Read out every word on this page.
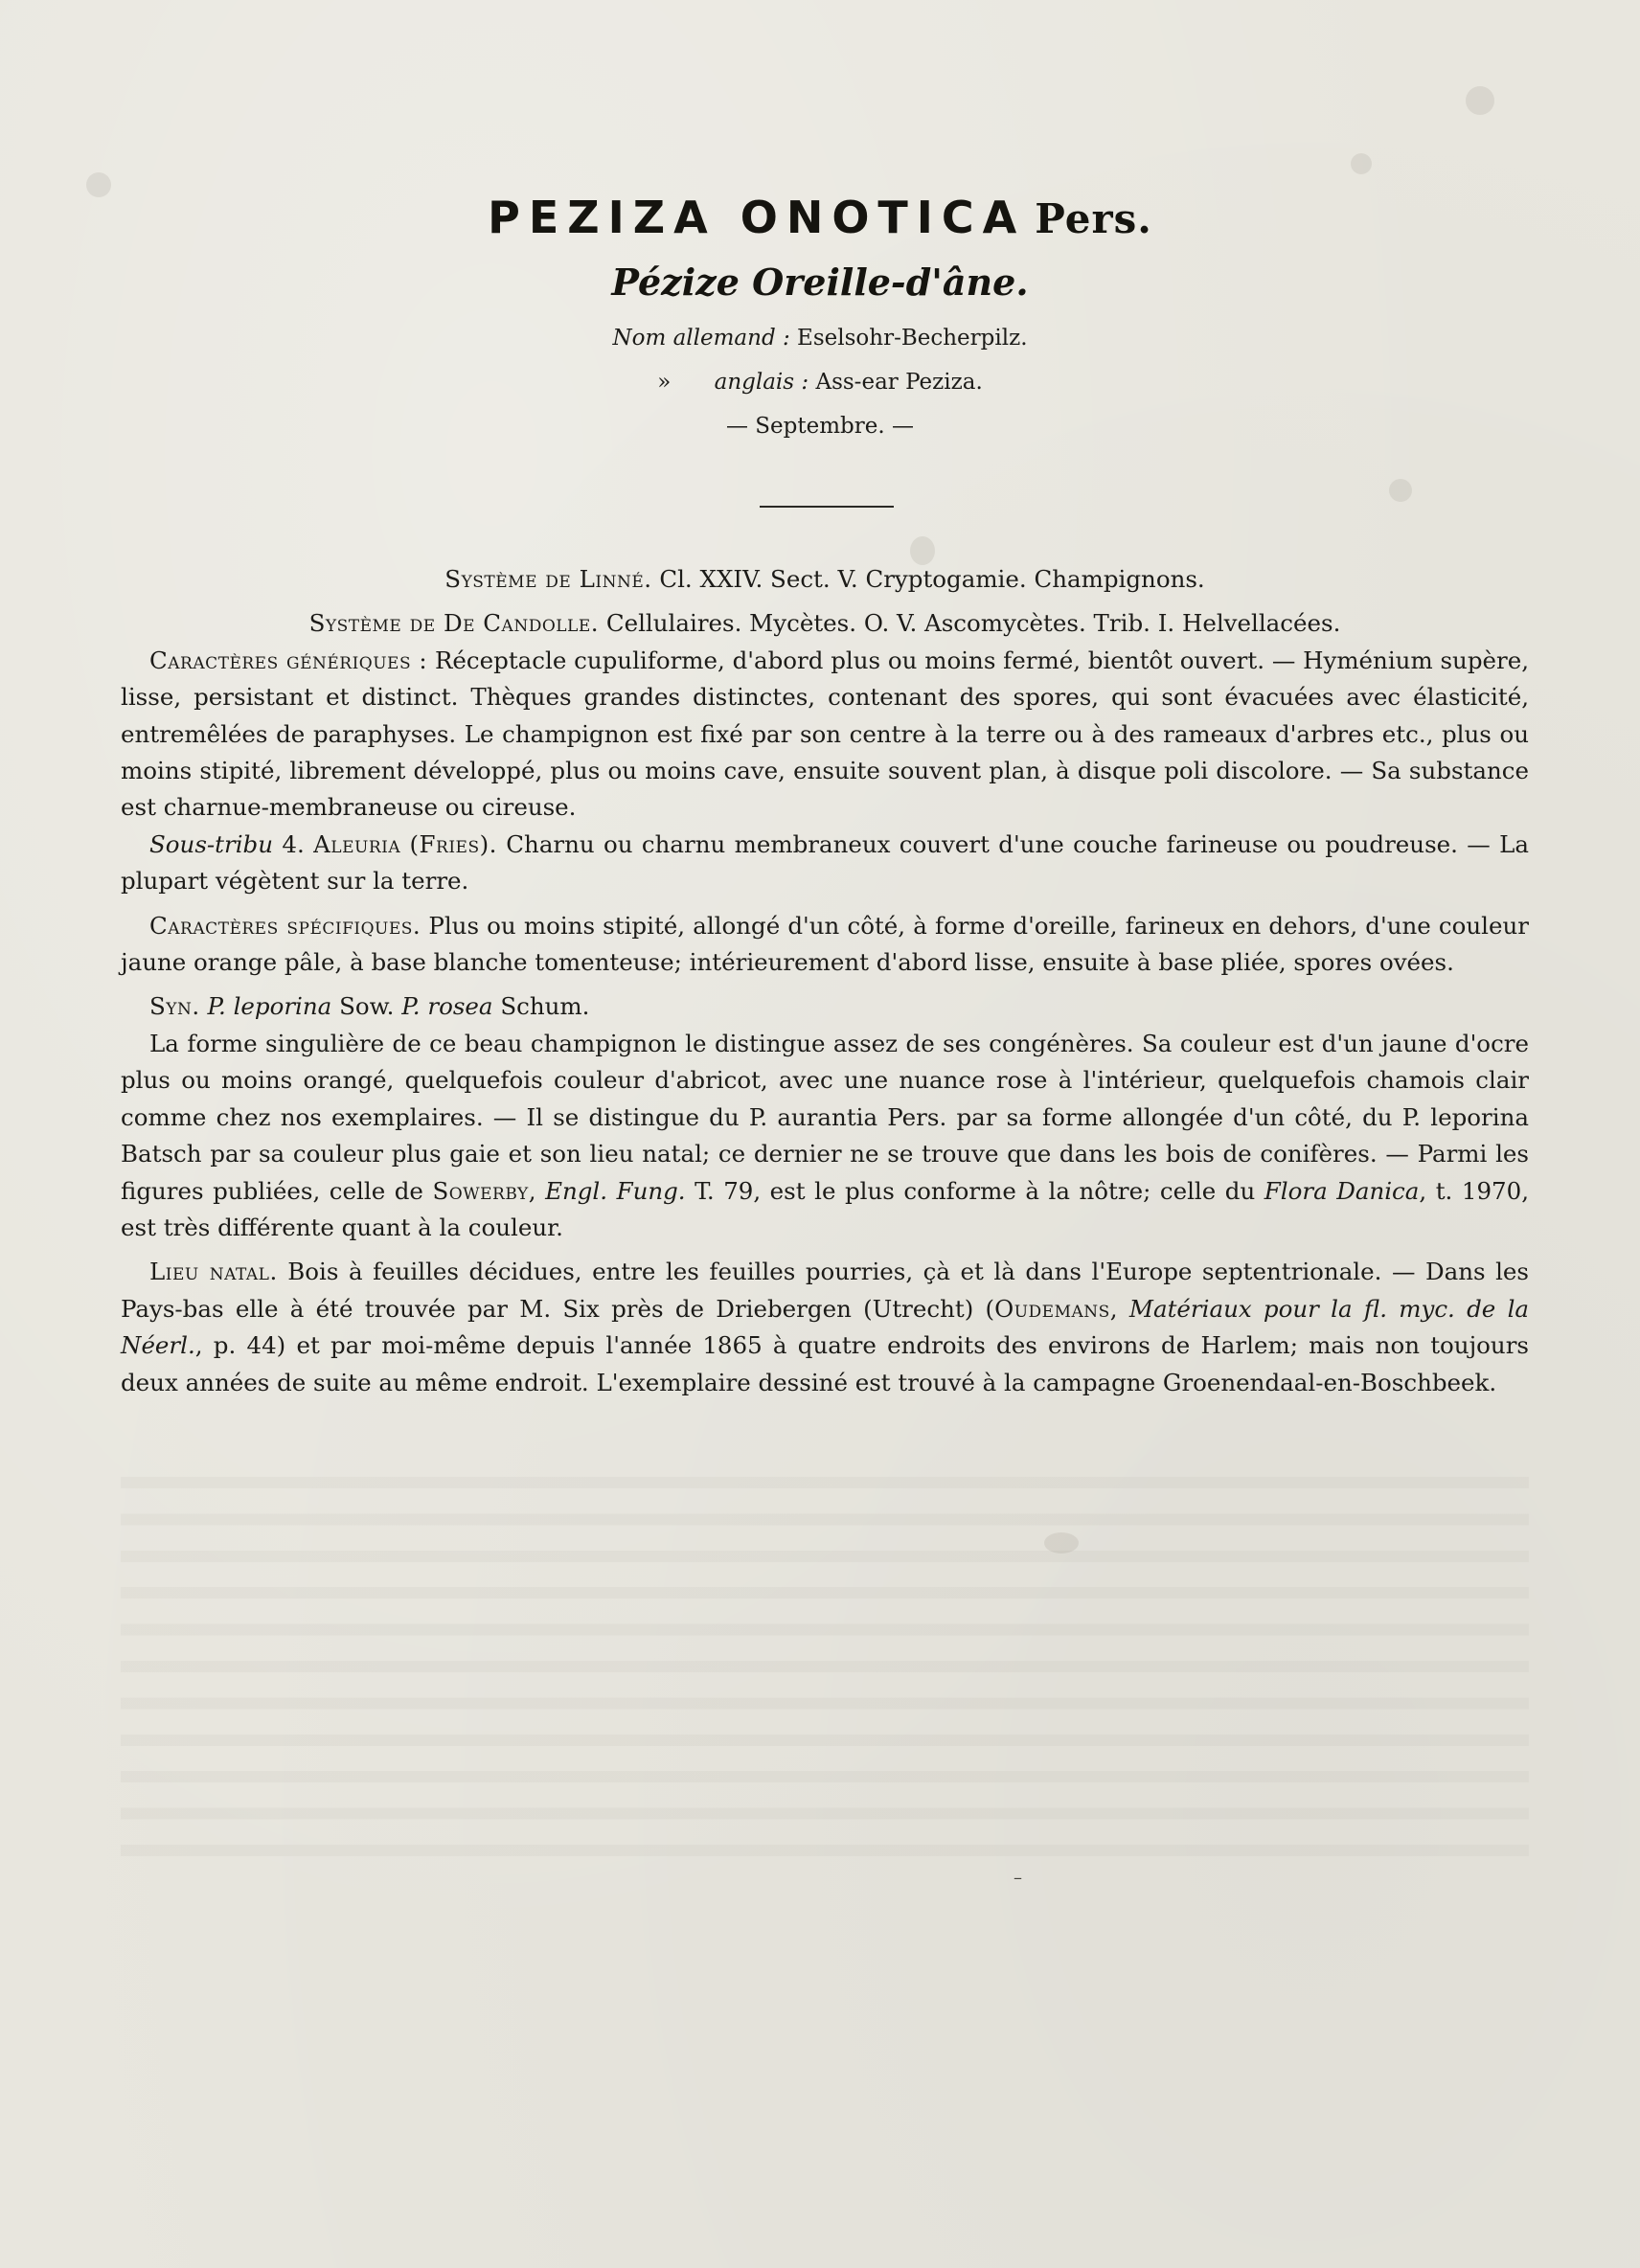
PEZIZA ONOTICA Pers.
Pézize Oreille-d'âne.
Nom allemand : Eselsohr-Becherpilz.
» anglais : Ass-ear Peziza.
— Septembre. —

Système de Linné. Cl. XXIV. Sect. V. Cryptogamie. Champignons.

Système de De Candolle. Cellulaires. Mycètes. O. V. Ascomycètes. Trib. I. Helvellacées.

Caractères génériques : Réceptacle cupuliforme, d'abord plus ou moins fermé, bientôt ouvert. — Hyménium supère, lisse, persistant et distinct. Thèques grandes distinctes, contenant des spores, qui sont évacuées avec élasticité, entremêlées de paraphyses. Le champignon est fixé par son centre à la terre ou à des rameaux d'arbres etc., plus ou moins stipité, librement développé, plus ou moins cave, ensuite souvent plan, à disque poli discolore. — Sa substance est charnue-membraneuse ou cireuse.

Sous-tribu 4. Aleuria (Fries). Charnu ou charnu membraneux couvert d'une couche farineuse ou poudreuse. — La plupart végètent sur la terre.

Caractères spécifiques. Plus ou moins stipité, allongé d'un côté, à forme d'oreille, farineux en dehors, d'une couleur jaune orange pâle, à base blanche tomenteuse; intérieurement d'abord lisse, ensuite à base pliée, spores ovées.

Syn. P. leporina Sow. P. rosea Schum.

La forme singulière de ce beau champignon le distingue assez de ses congénères. Sa couleur est d'un jaune d'ocre plus ou moins orangé, quelquefois couleur d'abricot, avec une nuance rose à l'intérieur, quelquefois chamois clair comme chez nos exemplaires. — Il se distingue du P. aurantia Pers. par sa forme allongée d'un côté, du P. leporina Batsch par sa couleur plus gaie et son lieu natal; ce dernier ne se trouve que dans les bois de conifères. — Parmi les figures publiées, celle de Sowerby, Engl. Fung. T. 79, est le plus conforme à la nôtre; celle du Flora Danica, t. 1970, est très différente quant à la couleur.

Lieu natal. Bois à feuilles décidues, entre les feuilles pourries, çà et là dans l'Europe septentrionale. — Dans les Pays-bas elle à été trouvée par M. Six près de Driebergen (Utrecht) (Oudemans, Matériaux pour la fl. myc. de la Néerl., p. 44) et par moi-même depuis l'année 1865 à quatre endroits des environs de Harlem; mais non toujours deux années de suite au même endroit. L'exemplaire dessiné est trouvé à la campagne Groenendaal-en-Boschbeek.

–
